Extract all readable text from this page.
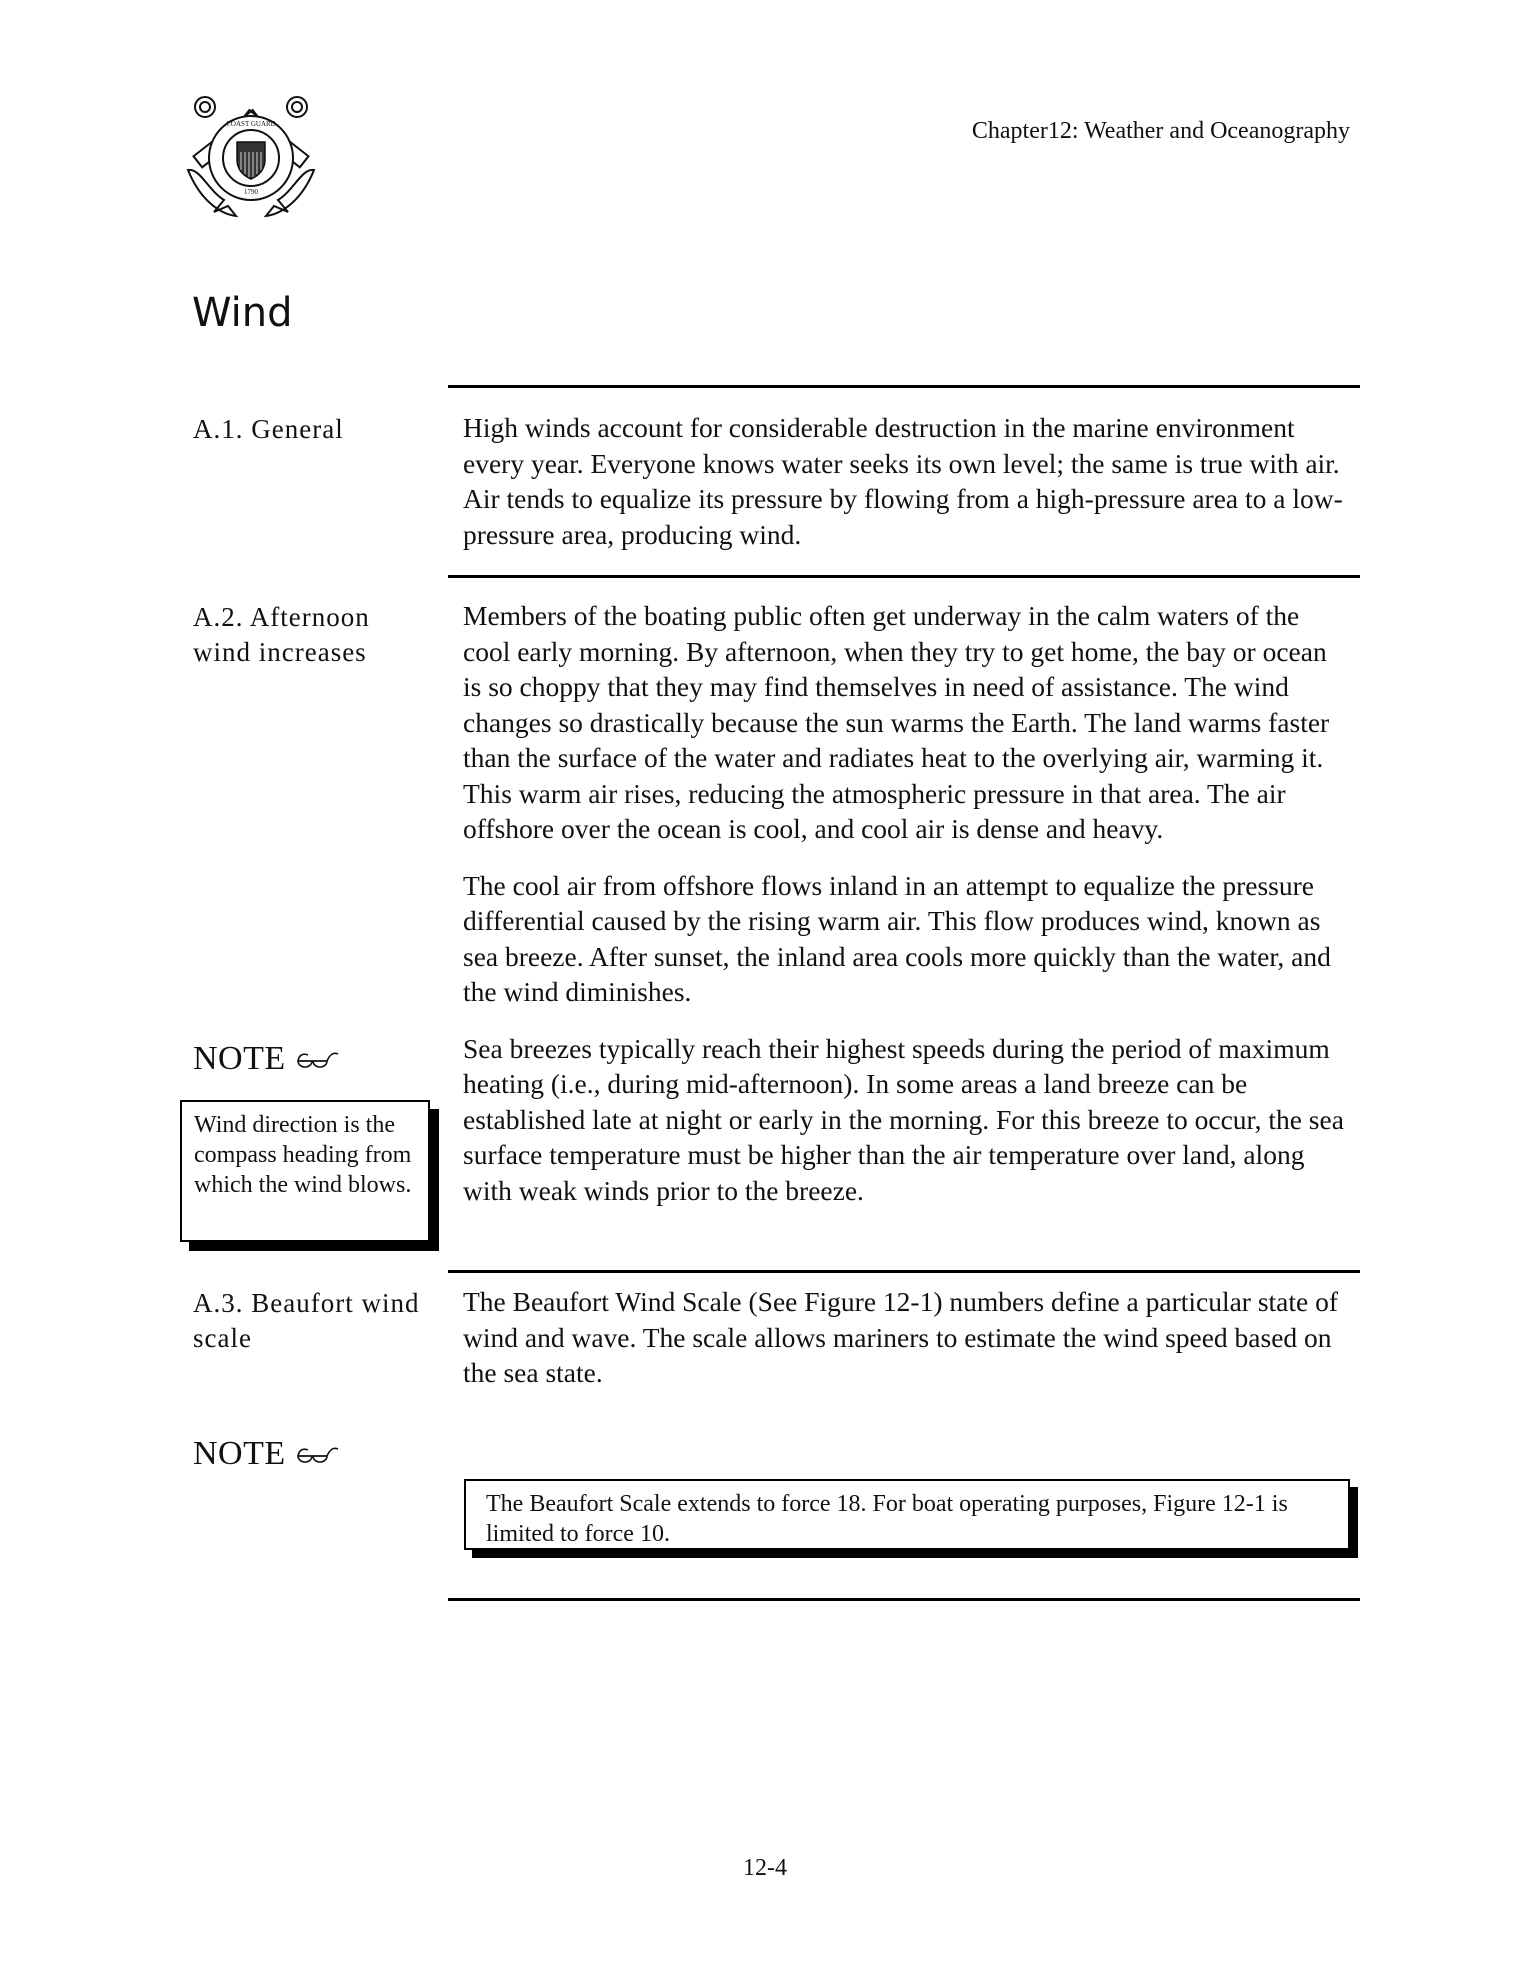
COAST GUARD
1790
Chapter12: Weather and Oceanography
Wind
A.1. General	High winds account for considerable destruction in the marine environment every year. Everyone knows water seeks its own level; the same is true with air. Air tends to equalize its pressure by flowing from a high-pressure area to a low-pressure area, producing wind.

A.2. Afternoon wind increases

Members of the boating public often get underway in the calm waters of the cool early morning. By afternoon, when they try to get home, the bay or ocean is so choppy that they may find themselves in need of assistance. The wind changes so drastically because the sun warms the Earth. The land warms faster than the surface of the water and radiates heat to the overlying air, warming it. This warm air rises, reducing the atmospheric pressure in that area. The air offshore over the ocean is cool, and cool air is dense and heavy.

The cool air from offshore flows inland in an attempt to equalize the pressure differential caused by the rising warm air. This flow produces wind, known as sea breeze. After sunset, the inland area cools more quickly than the water, and the wind diminishes.

Sea breezes typically reach their highest speeds during the period of maximum heating (i.e., during mid-afternoon). In some areas a land breeze can be established late at night or early in the morning. For this breeze to occur, the sea surface temperature must be higher than the air temperature over land, along with weak winds prior to the breeze.

NOTE
Wind direction is the compass heading from which the wind blows.
A.3. Beaufort wind scale

The Beaufort Wind Scale (See Figure 12-1) numbers define a particular state of wind and wave. The scale allows mariners to estimate the wind speed based on the sea state.

NOTE
The Beaufort Scale extends to force 18. For boat operating purposes, Figure 12-1 is limited to force 10.
12-4
